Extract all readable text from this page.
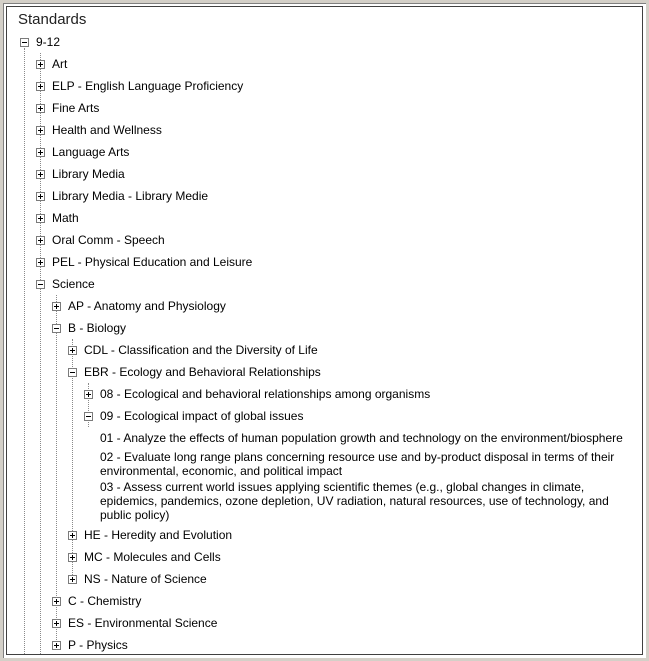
Standards
9-12
Art
ELP - English Language Proficiency
Fine Arts
Health and Wellness
Language Arts
Library Media
Library Media - Library Medie
Math
Oral Comm - Speech
PEL - Physical Education and Leisure
Science
AP - Anatomy and Physiology
B - Biology
CDL - Classification and the Diversity of Life
EBR - Ecology and Behavioral Relationships
08 - Ecological and behavioral relationships among organisms
09 - Ecological impact of global issues
01 - Analyze the effects of human population growth and technology on the environment/biosphere
02 - Evaluate long range plans concerning resource use and by-product disposal in terms of their environmental, economic, and political impact
03 - Assess current world issues applying scientific themes (e.g., global changes in climate, epidemics, pandemics, ozone depletion, UV radiation, natural resources, use of technology, and public policy)
HE - Heredity and Evolution
MC - Molecules and Cells
NS - Nature of Science
C - Chemistry
ES - Environmental Science
P - Physics
